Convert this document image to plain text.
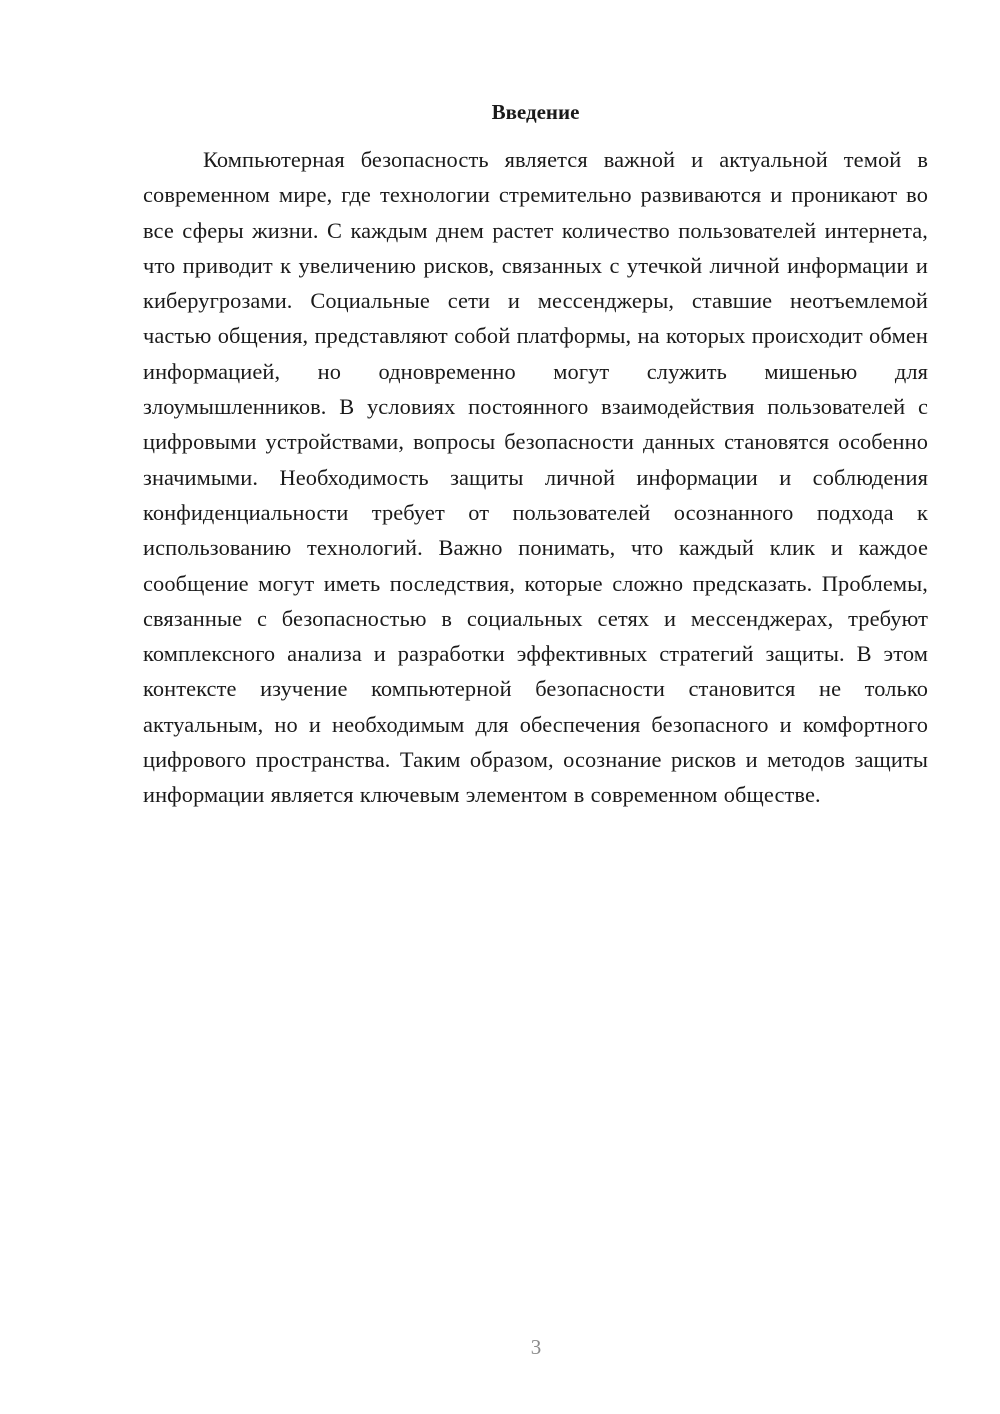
Введение

Компьютерная безопасность является важной и актуальной темой в современном мире, где технологии стремительно развиваются и проникают во все сферы жизни. С каждым днем растет количество пользователей интернета, что приводит к увеличению рисков, связанных с утечкой личной информации и киберугрозами. Социальные сети и мессенджеры, ставшие неотъемлемой частью общения, представляют собой платформы, на которых происходит обмен информацией, но одновременно могут служить мишенью для злоумышленников. В условиях постоянного взаимодействия пользователей с цифровыми устройствами, вопросы безопасности данных становятся особенно значимыми. Необходимость защиты личной информации и соблюдения конфиденциальности требует от пользователей осознанного подхода к использованию технологий. Важно понимать, что каждый клик и каждое сообщение могут иметь последствия, которые сложно предсказать. Проблемы, связанные с безопасностью в социальных сетях и мессенджерах, требуют комплексного анализа и разработки эффективных стратегий защиты. В этом контексте изучение компьютерной безопасности становится не только актуальным, но и необходимым для обеспечения безопасного и комфортного цифрового пространства. Таким образом, осознание рисков и методов защиты информации является ключевым элементом в современном обществе.

3
